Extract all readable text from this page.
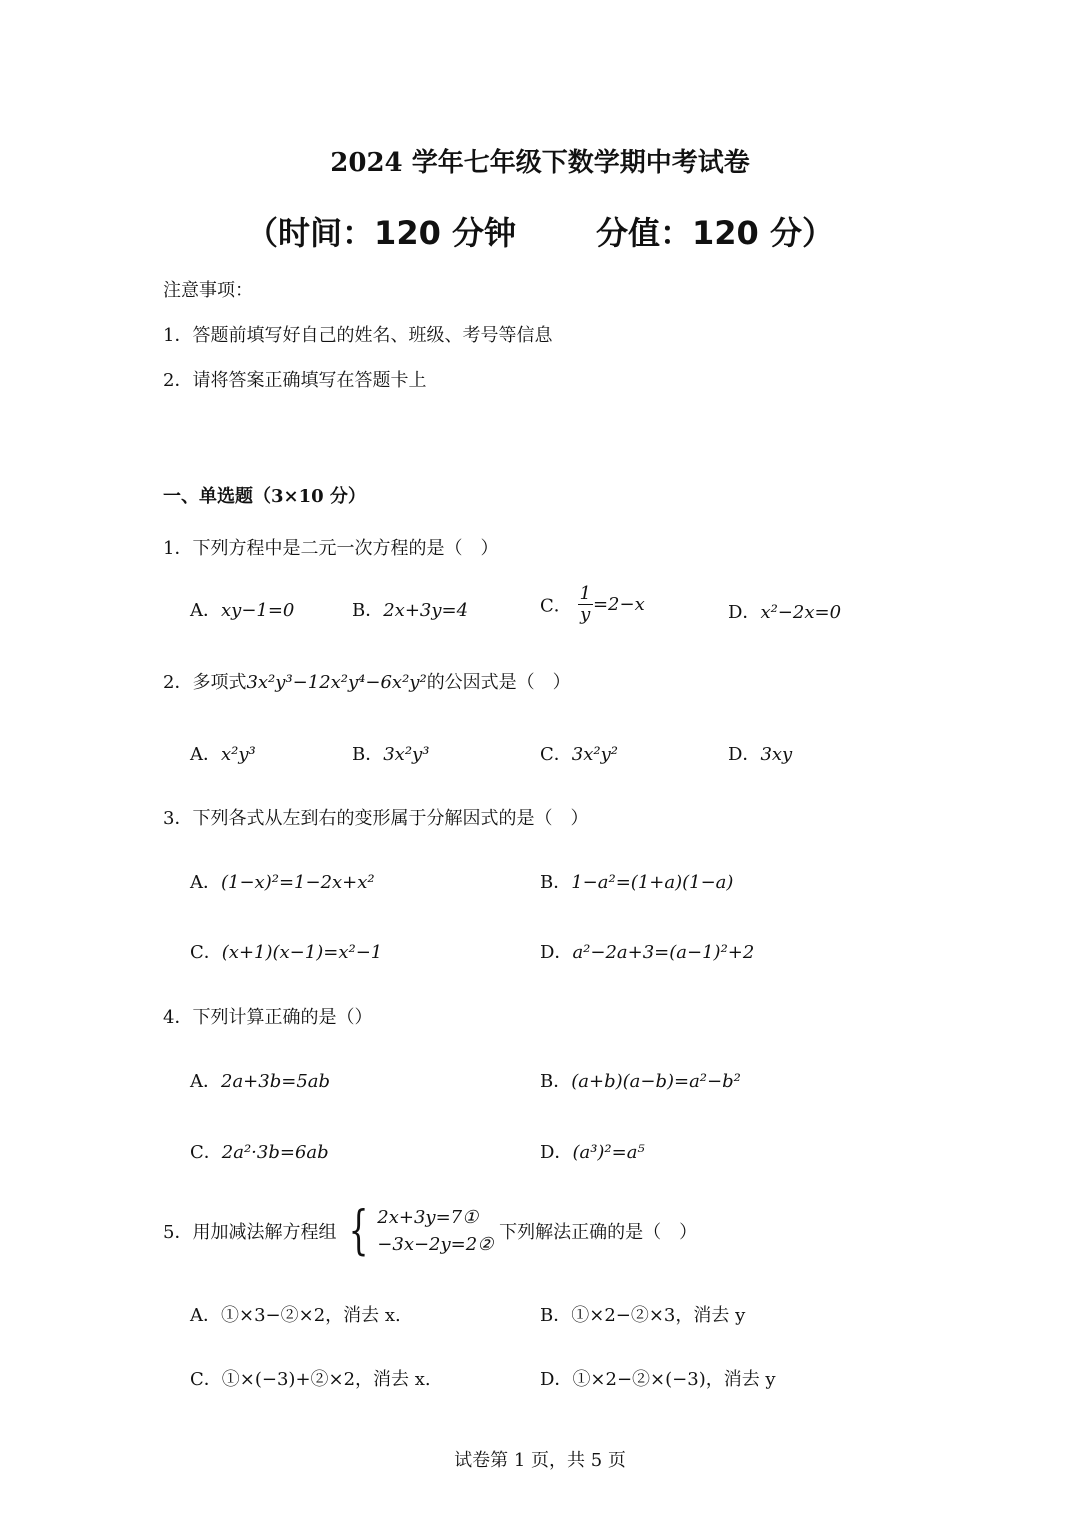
2024 学年七年级下数学期中考试卷
（时间：120 分钟	分值：120 分）
注意事项：
1．答题前填写好自己的姓名、班级、考号等信息
2．请将答案正确填写在答题卡上
一、单选题（3×10 分）
1．下列方程中是二元一次方程的是（　）
A．xy−1=0	B．2x+3y=4	C． $\frac{1}{y} =2-x$	D．x²−2x=0
2．多项式3x²y³−12x²y⁴−6x²y²的公因式是（　）
A．x²y³	B．3x²y³	C．3x²y²	D．3xy
3．下列各式从左到右的变形属于分解因式的是（　）
A．(1−x)²=1−2x+x²	B．1−a²=(1+a)(1−a)
C．(x+1)(x−1)=x²−1	D．a²−2a+3=(a−1)²+2
4．下列计算正确的是（）
A．2a+3b=5ab	B．(a+b)(a−b)=a²−b²
C．2a²·3b=6ab	D．(a³)²=a⁵
5．用加减法解方程组 { 2x+3y=7①
−3x−2y=2②
下列解法正确的是（　）
A．①×3−②×2，消去 x.	B．①×2−②×3，消去 y
C．①×(−3)+②×2，消去 x.	D．①×2−②×(−3)，消去 y
试卷第 1 页，共 5 页
